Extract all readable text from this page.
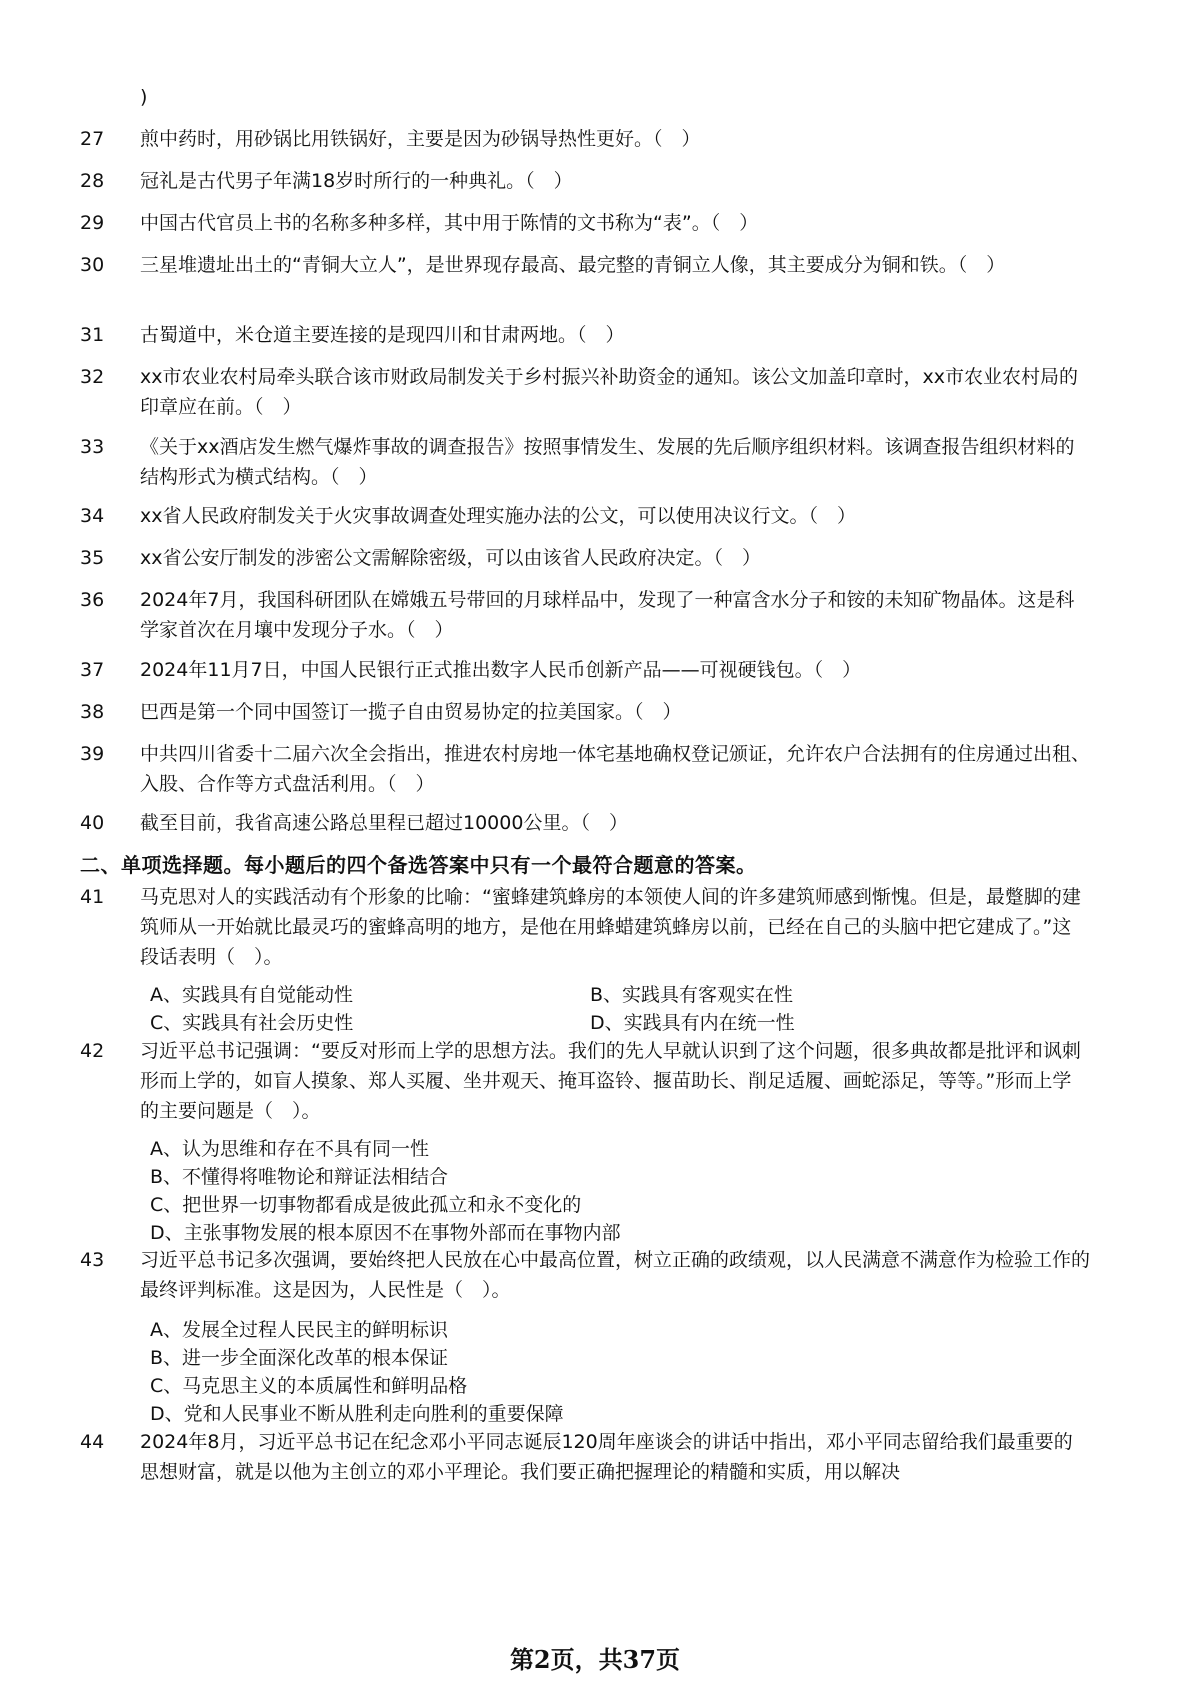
)
27	煎中药时，用砂锅比用铁锅好，主要是因为砂锅导热性更好。（　）
28	冠礼是古代男子年满18岁时所行的一种典礼。（　）
29	中国古代官员上书的名称多种多样，其中用于陈情的文书称为“表”。（　）
30	三星堆遗址出土的“青铜大立人”，是世界现存最高、最完整的青铜立人像，其主要成分为铜和铁。（　）
31	古蜀道中，米仓道主要连接的是现四川和甘肃两地。（　）
32	xx市农业农村局牵头联合该市财政局制发关于乡村振兴补助资金的通知。该公文加盖印章时，xx市农业农村局的印章应在前。（　）
33	《关于xx酒店发生燃气爆炸事故的调查报告》按照事情发生、发展的先后顺序组织材料。该调查报告组织材料的结构形式为横式结构。（　）
34	xx省人民政府制发关于火灾事故调查处理实施办法的公文，可以使用决议行文。（　）
35	xx省公安厅制发的涉密公文需解除密级，可以由该省人民政府决定。（　）
36	2024年7月，我国科研团队在嫦娥五号带回的月球样品中，发现了一种富含水分子和铵的未知矿物晶体。这是科学家首次在月壤中发现分子水。（　）
37	2024年11月7日，中国人民银行正式推出数字人民币创新产品——可视硬钱包。（　）
38	巴西是第一个同中国签订一揽子自由贸易协定的拉美国家。（　）
39	中共四川省委十二届六次全会指出，推进农村房地一体宅基地确权登记颁证，允许农户合法拥有的住房通过出租、入股、合作等方式盘活利用。（　）
40	截至目前，我省高速公路总里程已超过10000公里。（　）
二、单项选择题。每小题后的四个备选答案中只有一个最符合题意的答案。
41	马克思对人的实践活动有个形象的比喻：“蜜蜂建筑蜂房的本领使人间的许多建筑师感到惭愧。但是，最蹩脚的建筑师从一开始就比最灵巧的蜜蜂高明的地方，是他在用蜂蜡建筑蜂房以前，已经在自己的头脑中把它建成了。”这段话表明（　）。
A、实践具有自觉能动性	B、实践具有客观实在性
C、实践具有社会历史性	D、实践具有内在统一性
42	习近平总书记强调：“要反对形而上学的思想方法。我们的先人早就认识到了这个问题，很多典故都是批评和讽刺形而上学的，如盲人摸象、郑人买履、坐井观天、掩耳盗铃、揠苗助长、削足适履、画蛇添足，等等。”形而上学的主要问题是（　）。
A、认为思维和存在不具有同一性
B、不懂得将唯物论和辩证法相结合
C、把世界一切事物都看成是彼此孤立和永不变化的
D、主张事物发展的根本原因不在事物外部而在事物内部
43	习近平总书记多次强调，要始终把人民放在心中最高位置，树立正确的政绩观，以人民满意不满意作为检验工作的最终评判标准。这是因为，人民性是（　）。
A、发展全过程人民民主的鲜明标识
B、进一步全面深化改革的根本保证
C、马克思主义的本质属性和鲜明品格
D、党和人民事业不断从胜利走向胜利的重要保障
44	2024年8月，习近平总书记在纪念邓小平同志诞辰120周年座谈会的讲话中指出，邓小平同志留给我们最重要的思想财富，就是以他为主创立的邓小平理论。我们要正确把握理论的精髓和实质，用以解决
第2页，共37页
